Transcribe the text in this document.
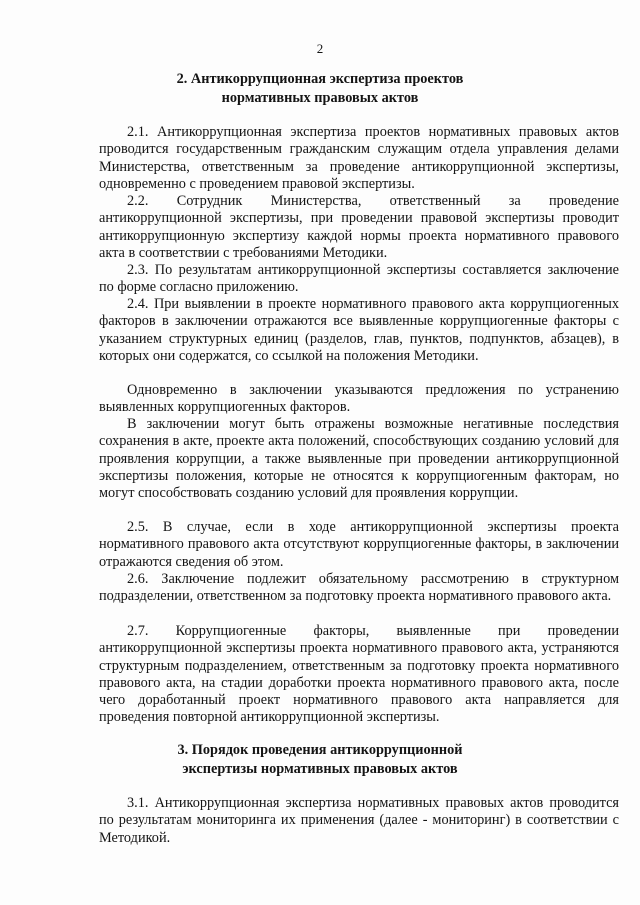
2
2. Антикоррупционная экспертиза проектов
нормативных правовых актов

2.1. Антикоррупционная экспертиза проектов нормативных правовых актов проводится государственным гражданским служащим отдела управления делами Министерства, ответственным за проведение антикоррупционной экспертизы, одновременно с проведением правовой экспертизы.

2.2. Сотрудник Министерства, ответственный за проведение антикоррупционной экспертизы, при проведении правовой экспертизы проводит антикоррупционную экспертизу каждой нормы проекта нормативного правового акта в соответствии с требованиями Методики.

2.3. По результатам антикоррупционной экспертизы составляется заключение по форме согласно приложению.

2.4. При выявлении в проекте нормативного правового акта коррупциогенных факторов в заключении отражаются все выявленные коррупциогенные факторы с указанием структурных единиц (разделов, глав, пунктов, подпунктов, абзацев), в которых они содержатся, со ссылкой на положения Методики.

Одновременно в заключении указываются предложения по устранению выявленных коррупциогенных факторов.

В заключении могут быть отражены возможные негативные последствия сохранения в акте, проекте акта положений, способствующих созданию условий для проявления коррупции, а также выявленные при проведении антикоррупционной экспертизы положения, которые не относятся к коррупциогенным факторам, но могут способствовать созданию условий для проявления коррупции.

2.5. В случае, если в ходе антикоррупционной экспертизы проекта нормативного правового акта отсутствуют коррупциогенные факторы, в заключении отражаются сведения об этом.

2.6. Заключение подлежит обязательному рассмотрению в структурном подразделении, ответственном за подготовку проекта нормативного правового акта.

2.7. Коррупциогенные факторы, выявленные при проведении антикоррупционной экспертизы проекта нормативного правового акта, устраняются структурным подразделением, ответственным за подготовку проекта нормативного правового акта, на стадии доработки проекта нормативного правового акта, после чего доработанный проект нормативного правового акта направляется для проведения повторной антикоррупционной экспертизы.

3. Порядок проведения антикоррупционной
экспертизы нормативных правовых актов

3.1. Антикоррупционная экспертиза нормативных правовых актов проводится по результатам мониторинга их применения (далее - мониторинг) в соответствии с Методикой.
